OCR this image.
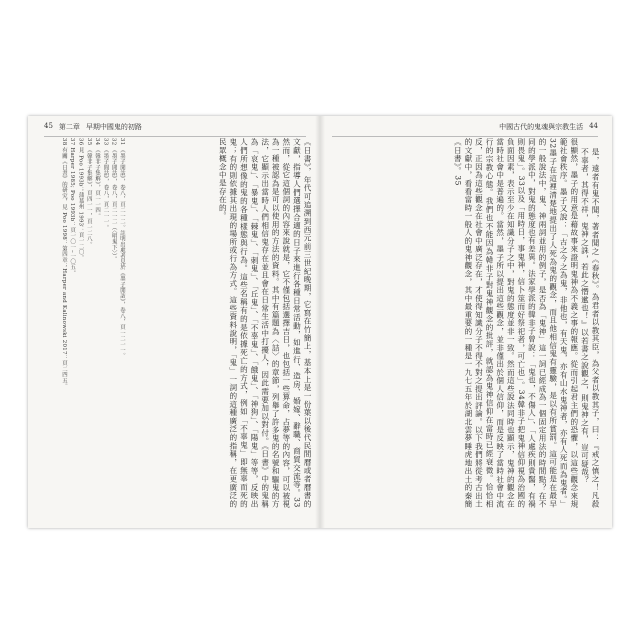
45 第二章 早期中國鬼的初路

《日書》，年代可追溯到西元前三世紀晚期，它寫在竹簡上，基本上是一份葉以後代民間曆或者曆書的文獻，指導人們選擇合適的日子來進行各種日常活動，如進行、造房、婚嫁、辭職、商貿交流等。33然而，從它這個詞的內容來說就是，它不僅包括選擇吉日，也包括一些算命，占夢等的內容，可以被視為一種被認為是可以使用的方法的資料。其中有篇題為〈詰〉的章節，列舉了許多鬼的名號和驅鬼的方法，它顯示出當時人們相信鬼存在並且會在日常生活中打擾人，因此需要加以對付。《日書》中的鬼稱為「哀鬼」、「暴鬼」、「棘鬼」、「刺鬼」、「丘鬼」、「不辜鬼」、「餓鬼」、「神狗」、「陽鬼」等等，反映出人們所想像的鬼的各種樣態與行為。這些名稱有的是依據死亡的方式，例如「不辜鬼」即無辜而死的鬼；有的則依據其出現的場所或行為方式。這些資料說明，「鬼」一詞的這種廣泛的指稱，在更廣泛的民眾概念中是存在的。

31 《墨子閒詁》，卷八，頁二一二。註明出處者見於《墨子閒詁》，卷八，頁一二一一。

32 《墨子閒詁》，卷八，頁二一二（〈明鬼下〉）。

33 《墨子閒詁》，卷八，頁二一一。

34 《韓非子集解》，頁一一四。

35 《韓非子集解》，頁四一一，頁一二八。

36 見 Poo 1993b；蒲慕州 1993：頁一二〇。

37 Harper 1985; Poo 1993b：頁一〇一–一〇五。

38 有關《日書》的研究，見 Poo 1998：第四章；Harper and Kalinowski 2017：頁二四五。

中國古代的鬼魂與宗教生活 44

是，遠者有鬼不聞，著者聞之《春秋》。為君者以教其臣，為父者以教其子，曰：『戒之慎之！凡殺不辜者，其得不祥，鬼神之誅，若此之憯遬也！』以若書之說觀之，則鬼神之有，豈可疑哉？

很顯然，墨子的用意是藉故事來證明鬼神為不義之事的報應。從而引起君主們的恐懼，以這些觀念來規範社會秩序。墨子又說：「古之今之為鬼，非他也，有天鬼，亦有山水鬼神者，亦有人死而為鬼者。」32墨子在這裡清楚地提出了人死為鬼的觀念，而且他相信鬼有靈驗，是以有所賞罰。這可能是在最早的一般說法中，鬼、神兩詞並用的例子，是否為「鬼神」這一詞已經成為一個固定用法的時間點？在不同的學派中，對鬼的態度也有差異。法家學派的韓非子曾說：「鬼也，不傷人」、「人處疾則貴醫，有禍則畏鬼」。33以及「用時日，事鬼神，信卜筮而好祭祀者，可亡也」。34韓非子把鬼神信仰視為治國的負面因素，表示至少在知識分子之中，對鬼的態度並非一致。然而這些說法同時也顯示，鬼神的觀念在當時社會中是普遍的。當然，墨子所以提出這些觀念，並非僅出於個人信仰，而是反映了當時社會中流行的宗教心態。我們也不能因為韓非子對鬼神觀念的批評，就認為鬼神信仰在當時已經衰微。恰恰相反，正因為這些觀念在社會中廣泛存在，才使得知識分子不得不對之提出評論。以下我們將從考古出土的文獻中，看看當時一般人的鬼神觀念，其中最重要的一種是一九七五年於湖北雲夢睡虎地出土的秦簡《日書》。35
